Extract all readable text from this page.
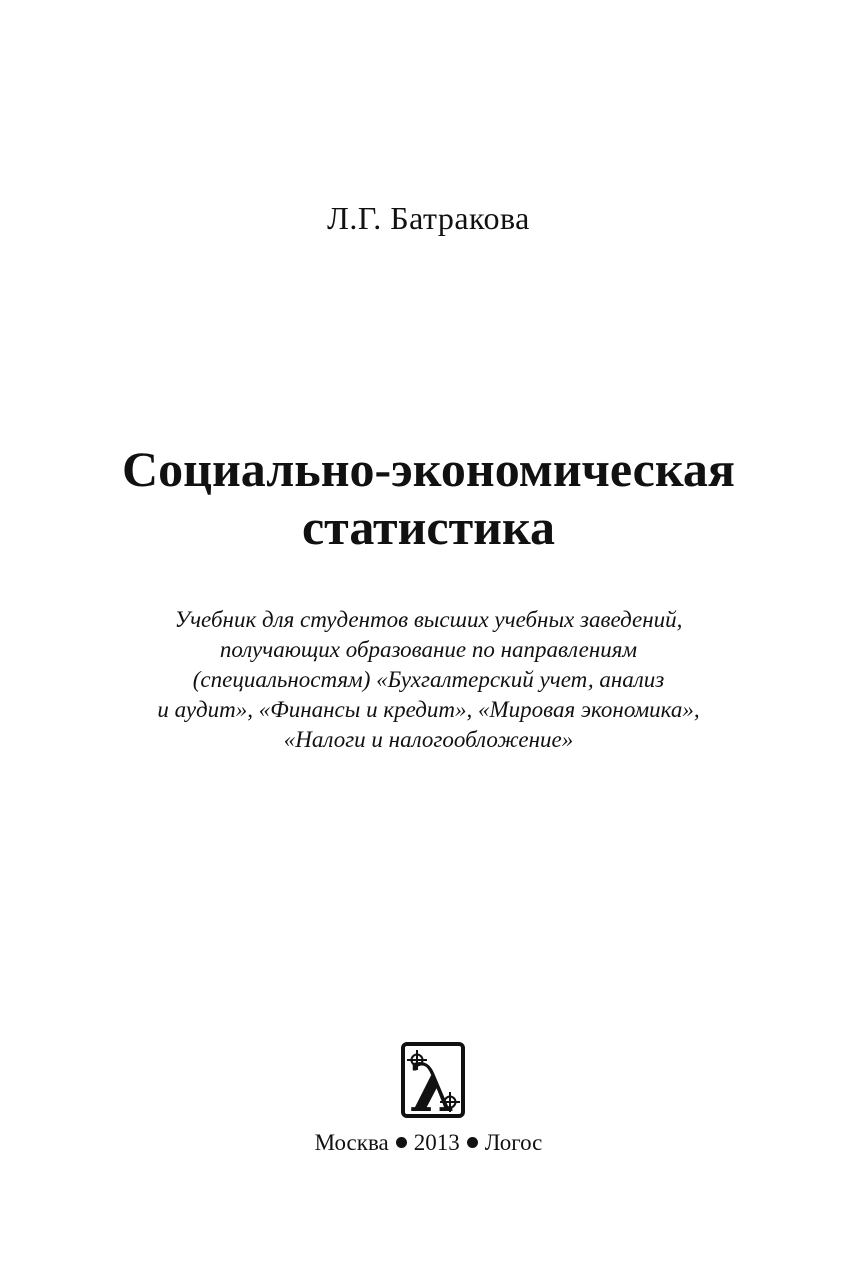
Л.Г. Батракова
Социально-экономическая
статистика
Учебник для студентов высших учебных заведений,
получающих образование по направлениям
(специальностям) «Бухгалтерский учет, анализ
и аудит», «Финансы и кредит», «Мировая экономика»,
«Налоги и налогообложение»
λ
Москва 2013 Логос
